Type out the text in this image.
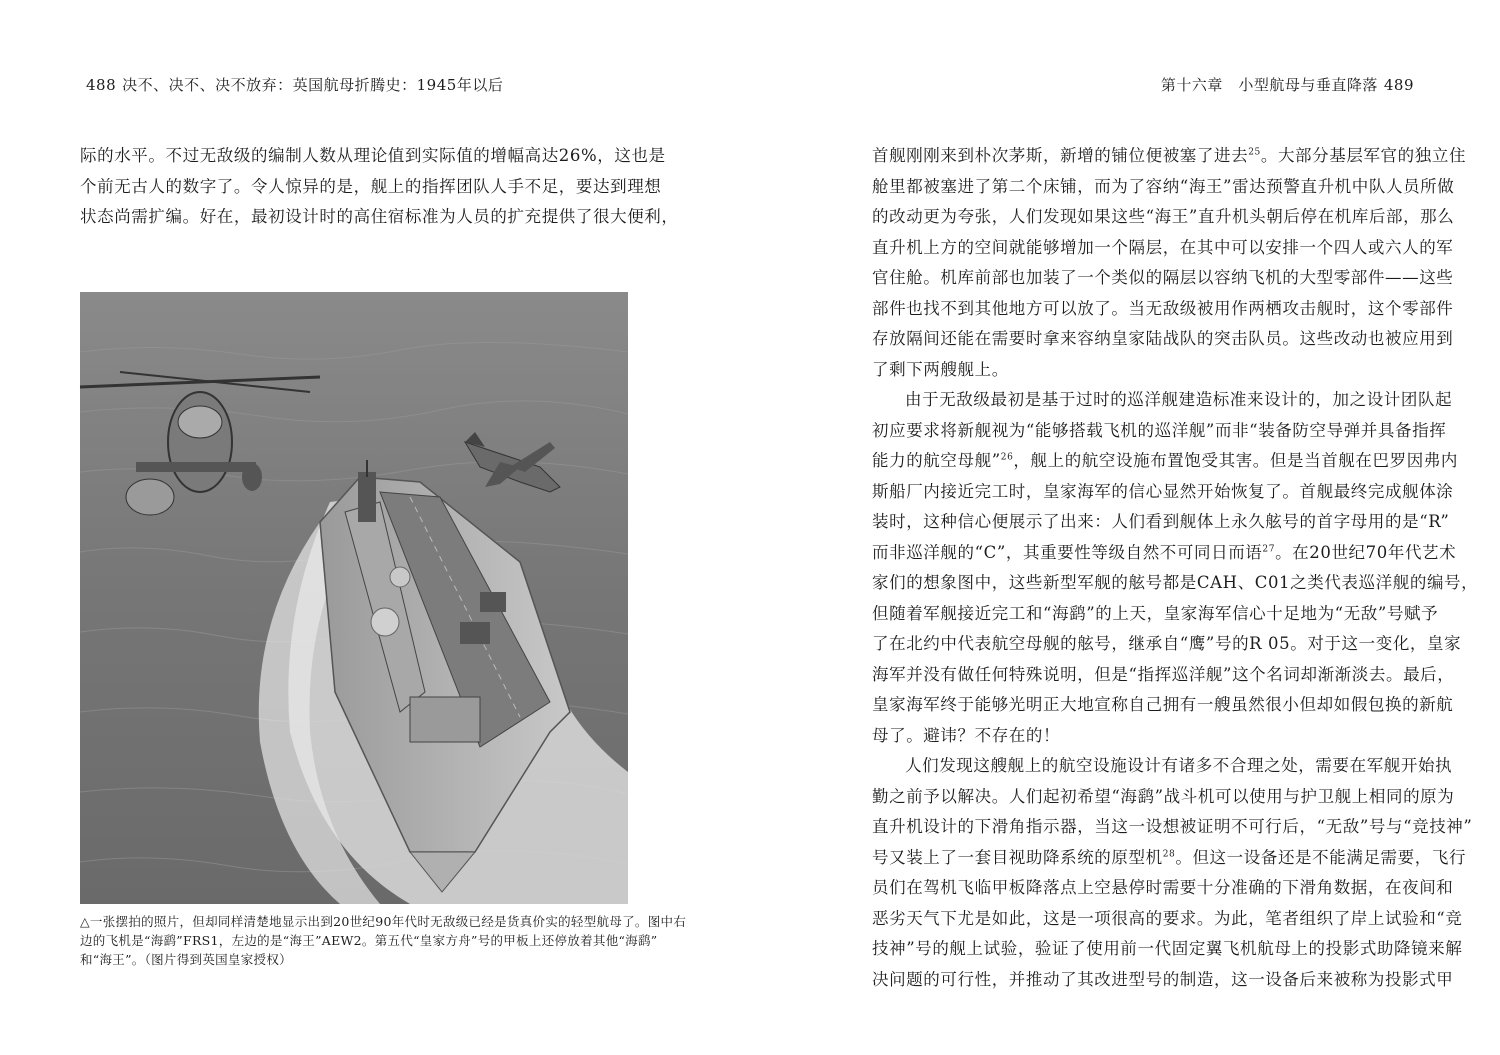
488 决不、决不、决不放弃：英国航母折腾史：1945年以后
际的水平。不过无敌级的编制人数从理论值到实际值的增幅高达26%，这也是
个前无古人的数字了。令人惊异的是，舰上的指挥团队人手不足，要达到理想
状态尚需扩编。好在，最初设计时的高住宿标准为人员的扩充提供了很大便利，
△一张摆拍的照片，但却同样清楚地显示出到20世纪90年代时无敌级已经是货真价实的轻型航母了。图中右
边的飞机是“海鹞”FRS1，左边的是“海王”AEW2。第五代“皇家方舟”号的甲板上还停放着其他“海鹞”
和“海王”。（图片得到英国皇家授权）
第十六章　小型航母与垂直降落 489
首舰刚刚来到朴次茅斯，新增的铺位便被塞了进去$^{25}$。大部分基层军官的独立住
舱里都被塞进了第二个床铺，而为了容纳“海王”雷达预警直升机中队人员所做
的改动更为夸张，人们发现如果这些“海王”直升机头朝后停在机库后部，那么
直升机上方的空间就能够增加一个隔层，在其中可以安排一个四人或六人的军
官住舱。机库前部也加装了一个类似的隔层以容纳飞机的大型零部件——这些
部件也找不到其他地方可以放了。当无敌级被用作两栖攻击舰时，这个零部件
存放隔间还能在需要时拿来容纳皇家陆战队的突击队员。这些改动也被应用到
了剩下两艘舰上。
由于无敌级最初是基于过时的巡洋舰建造标准来设计的，加之设计团队起
初应要求将新舰视为“能够搭载飞机的巡洋舰”而非“装备防空导弹并具备指挥
能力的航空母舰”$^{26}$，舰上的航空设施布置饱受其害。但是当首舰在巴罗因弗内
斯船厂内接近完工时，皇家海军的信心显然开始恢复了。首舰最终完成舰体涂
装时，这种信心便展示了出来：人们看到舰体上永久舷号的首字母用的是“R”
而非巡洋舰的“C”，其重要性等级自然不可同日而语$^{27}$。在20世纪70年代艺术
家们的想象图中，这些新型军舰的舷号都是CAH、C01之类代表巡洋舰的编号，
但随着军舰接近完工和“海鹞”的上天，皇家海军信心十足地为“无敌”号赋予
了在北约中代表航空母舰的舷号，继承自“鹰”号的R 05。对于这一变化，皇家
海军并没有做任何特殊说明，但是“指挥巡洋舰”这个名词却渐渐淡去。最后，
皇家海军终于能够光明正大地宣称自己拥有一艘虽然很小但却如假包换的新航
母了。避讳？不存在的！
人们发现这艘舰上的航空设施设计有诸多不合理之处，需要在军舰开始执
勤之前予以解决。人们起初希望“海鹞”战斗机可以使用与护卫舰上相同的原为
直升机设计的下滑角指示器，当这一设想被证明不可行后，“无敌”号与“竞技神”
号又装上了一套目视助降系统的原型机$^{28}$。但这一设备还是不能满足需要，飞行
员们在驾机飞临甲板降落点上空悬停时需要十分准确的下滑角数据，在夜间和
恶劣天气下尤是如此，这是一项很高的要求。为此，笔者组织了岸上试验和“竞
技神”号的舰上试验，验证了使用前一代固定翼飞机航母上的投影式助降镜来解
决问题的可行性，并推动了其改进型号的制造，这一设备后来被称为投影式甲
